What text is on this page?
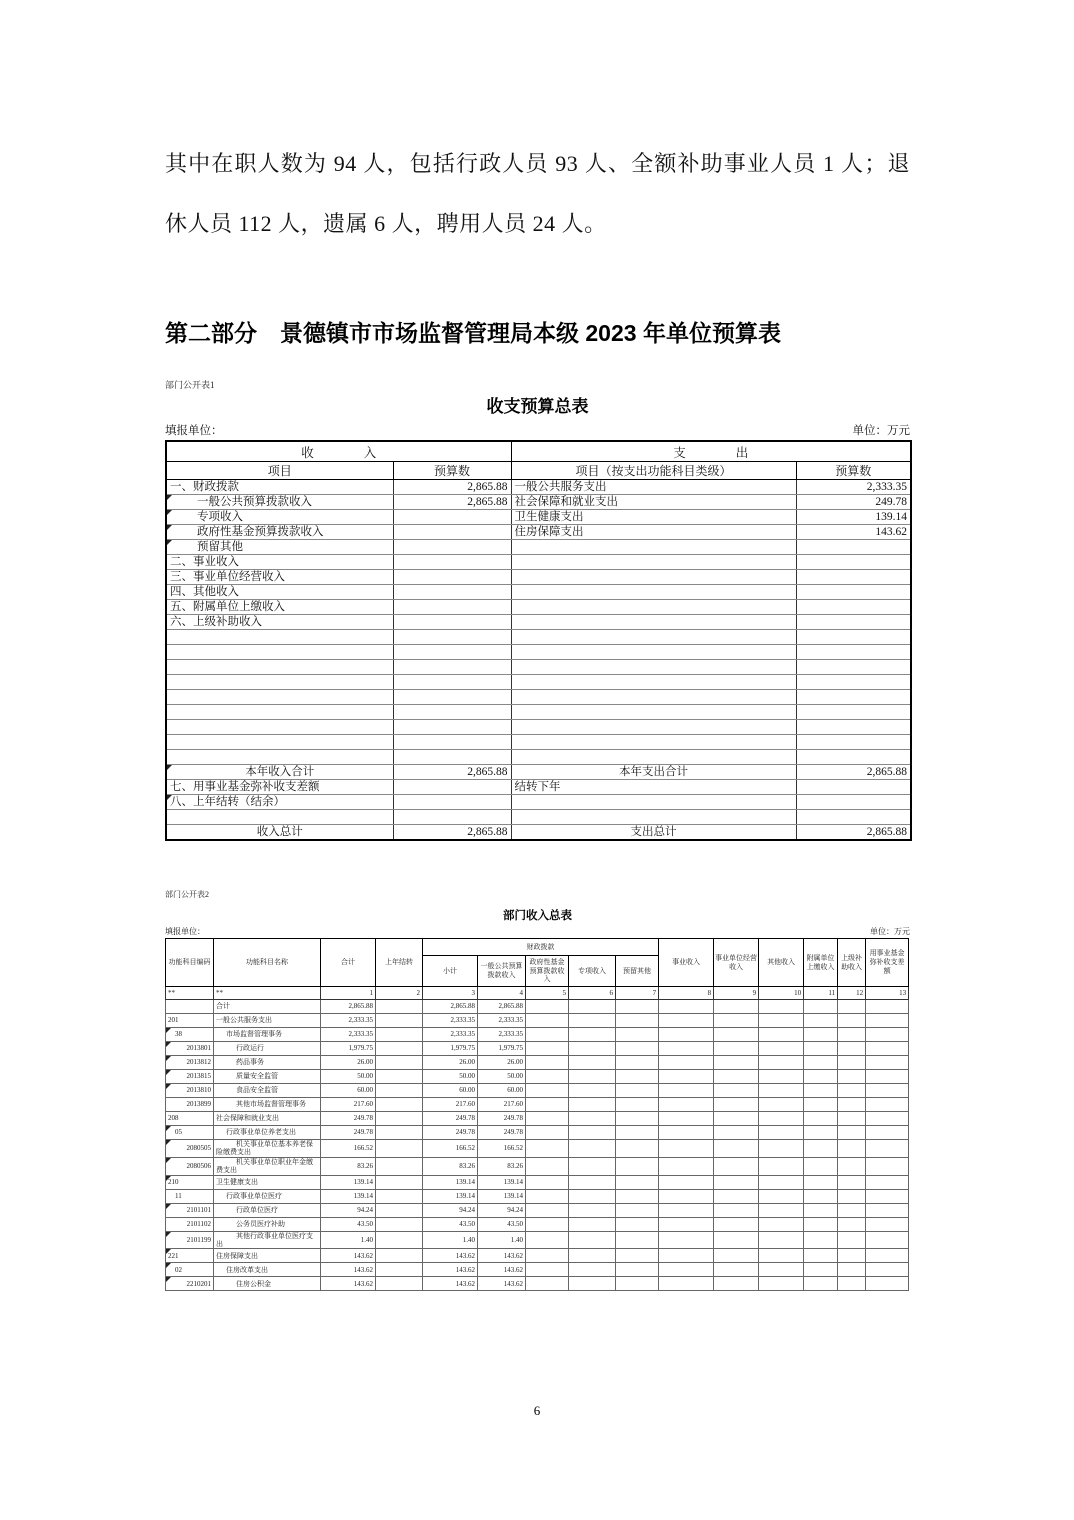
其中在职人数为 94 人，包括行政人员 93 人、全额补助事业人员 1 人；退休人员 112 人，遗属 6 人，聘用人员 24 人。

第二部分　景德镇市市场监督管理局本级 2023 年单位预算表
部门公开表1
收支预算总表
填报单位：	单位：万元
收　　　　入		支　　　　出	
项目	预算数	项目（按支出功能科目类级）	预算数
一、财政拨款	2,865.88	一般公共服务支出	2,333.35
一般公共预算拨款收入	2,865.88	社会保障和就业支出	249.78
专项收入		卫生健康支出	139.14
政府性基金预算拨款收入		住房保障支出	143.62
预留其他			
二、事业收入			
三、事业单位经营收入			
四、其他收入			
五、附属单位上缴收入			
六、上级补助收入			

本年收入合计	2,865.88	本年支出合计	2,865.88
七、用事业基金弥补收支差额		结转下年	
八、上年结转（结余）			

收入总计	2,865.88	支出总计	2,865.88
部门公开表2
部门收入总表
填报单位：	单位：万元
功能科目编码	功能科目名称	合计	上年结转	财政拨款					事业收入	事业单位经营收入	其他收入	附属单位上缴收入	上级补助收入	用事业基金弥补收支差额
				小计	一般公共预算拨款收入	政府性基金预算拨款收入	专项收入	预留其他						
**	**	1	2	3	4	5	6	7	8	9	10	11	12	13
	合计	2,865.88		2,865.88	2,865.88									
201	一般公共服务支出	2,333.35		2,333.35	2,333.35									
38	市场监督管理事务	2,333.35		2,333.35	2,333.35									
2013801	行政运行	1,979.75		1,979.75	1,979.75									
2013812	药品事务	26.00		26.00	26.00									
2013815	质量安全监管	50.00		50.00	50.00									
2013810	食品安全监管	60.00		60.00	60.00									
2013899	其他市场监督管理事务	217.60		217.60	217.60									
208	社会保障和就业支出	249.78		249.78	249.78									
05	行政事业单位养老支出	249.78		249.78	249.78									
2080505	机关事业单位基本养老保险缴费支出	166.52		166.52	166.52									
2080506	机关事业单位职业年金缴费支出	83.26		83.26	83.26									
210	卫生健康支出	139.14		139.14	139.14									
11	行政事业单位医疗	139.14		139.14	139.14									
2101101	行政单位医疗	94.24		94.24	94.24									
2101102	公务员医疗补助	43.50		43.50	43.50									
2101199	其他行政事业单位医疗支出	1.40		1.40	1.40									
221	住房保障支出	143.62		143.62	143.62									
02	住房改革支出	143.62		143.62	143.62									
2210201	住房公积金	143.62		143.62	143.62									
6
